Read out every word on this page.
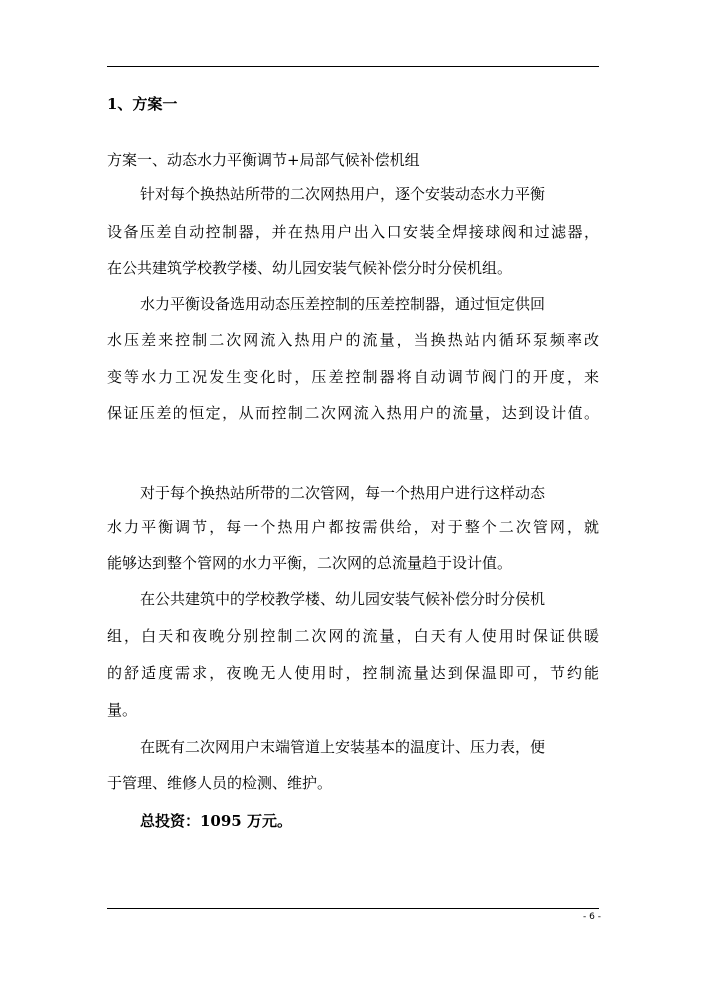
1、方案一
方案一、动态水力平衡调节+局部气候补偿机组
针对每个换热站所带的二次网热用户，逐个安装动态水力平衡
设备压差自动控制器，并在热用户出入口安装全焊接球阀和过滤器，
在公共建筑学校教学楼、幼儿园安装气候补偿分时分侯机组。
水力平衡设备选用动态压差控制的压差控制器，通过恒定供回
水压差来控制二次网流入热用户的流量，当换热站内循环泵频率改
变等水力工况发生变化时，压差控制器将自动调节阀门的开度，来
保证压差的恒定，从而控制二次网流入热用户的流量，达到设计值。
对于每个换热站所带的二次管网，每一个热用户进行这样动态
水力平衡调节，每一个热用户都按需供给，对于整个二次管网，就
能够达到整个管网的水力平衡，二次网的总流量趋于设计值。
在公共建筑中的学校教学楼、幼儿园安装气候补偿分时分侯机
组，白天和夜晚分别控制二次网的流量，白天有人使用时保证供暖
的舒适度需求，夜晚无人使用时，控制流量达到保温即可，节约能
量。
在既有二次网用户末端管道上安装基本的温度计、压力表，便
于管理、维修人员的检测、维护。
总投资：1095 万元。
- 6 -
